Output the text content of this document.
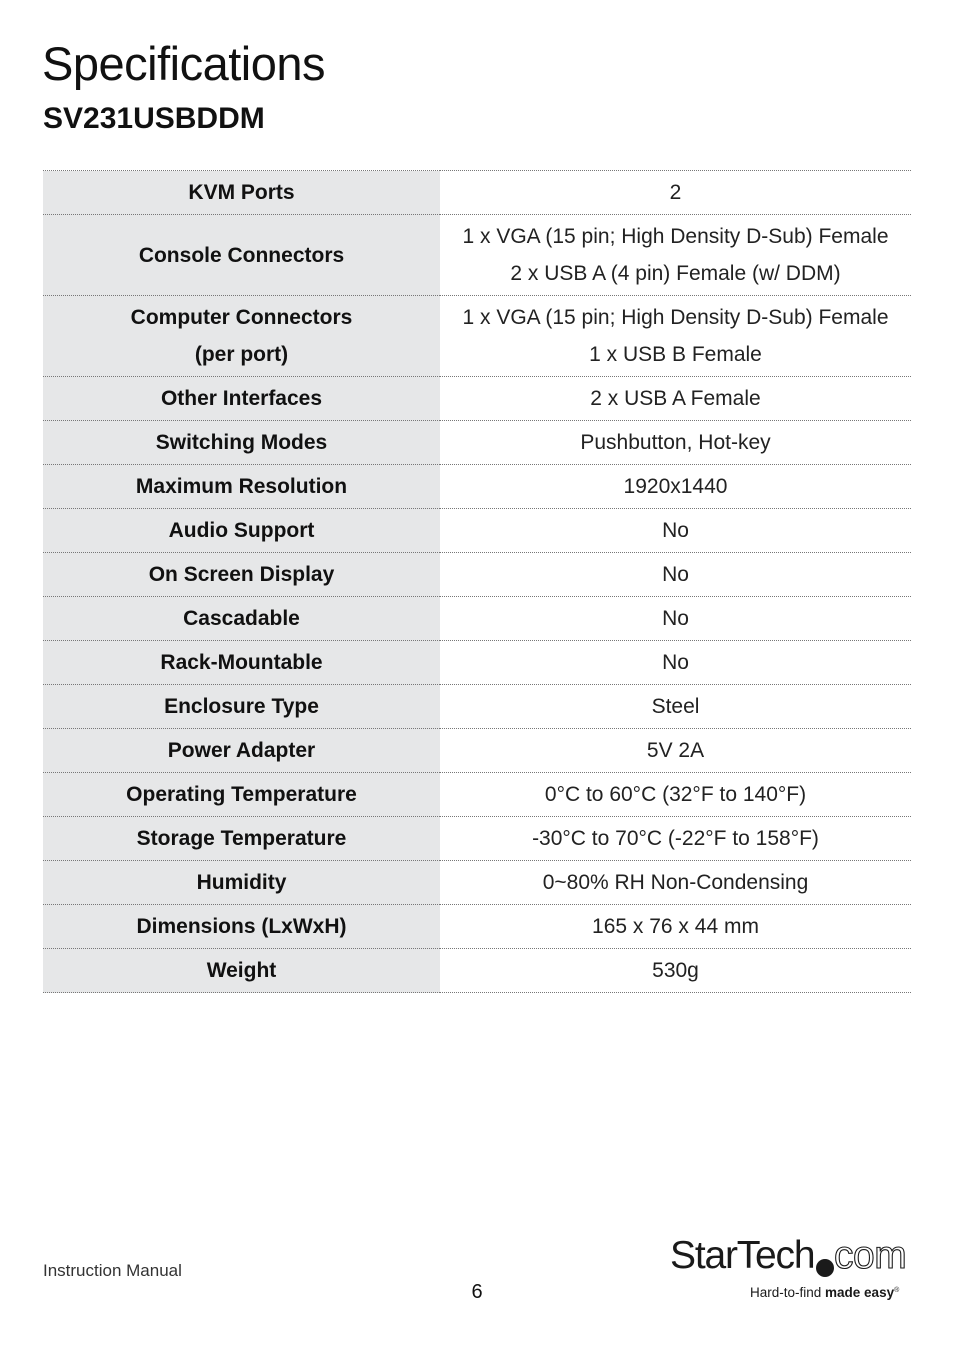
Specifications
SV231USBDDM
KVM Ports	2

Console Connectors	1 x VGA (15 pin; High Density D-Sub) Female
2 x USB A (4 pin) Female (w/ DDM)

Computer Connectors
(per port)	1 x VGA (15 pin; High Density D-Sub) Female
1 x USB B Female

Other Interfaces	2 x USB A Female

Switching Modes	Pushbutton, Hot-key

Maximum Resolution	1920x1440

Audio Support	No

On Screen Display	No

Cascadable	No

Rack-Mountable	No

Enclosure Type	Steel

Power Adapter	5V 2A

Operating Temperature	0°C to 60°C (32°F to 140°F)

Storage Temperature	-30°C to 70°C (-22°F to 158°F)

Humidity	0~80% RH Non-Condensing

Dimensions (LxWxH)	165 x 76 x 44 mm

Weight	530g
Instruction Manual
6
StarTech com
Hard-to-find made easy®
